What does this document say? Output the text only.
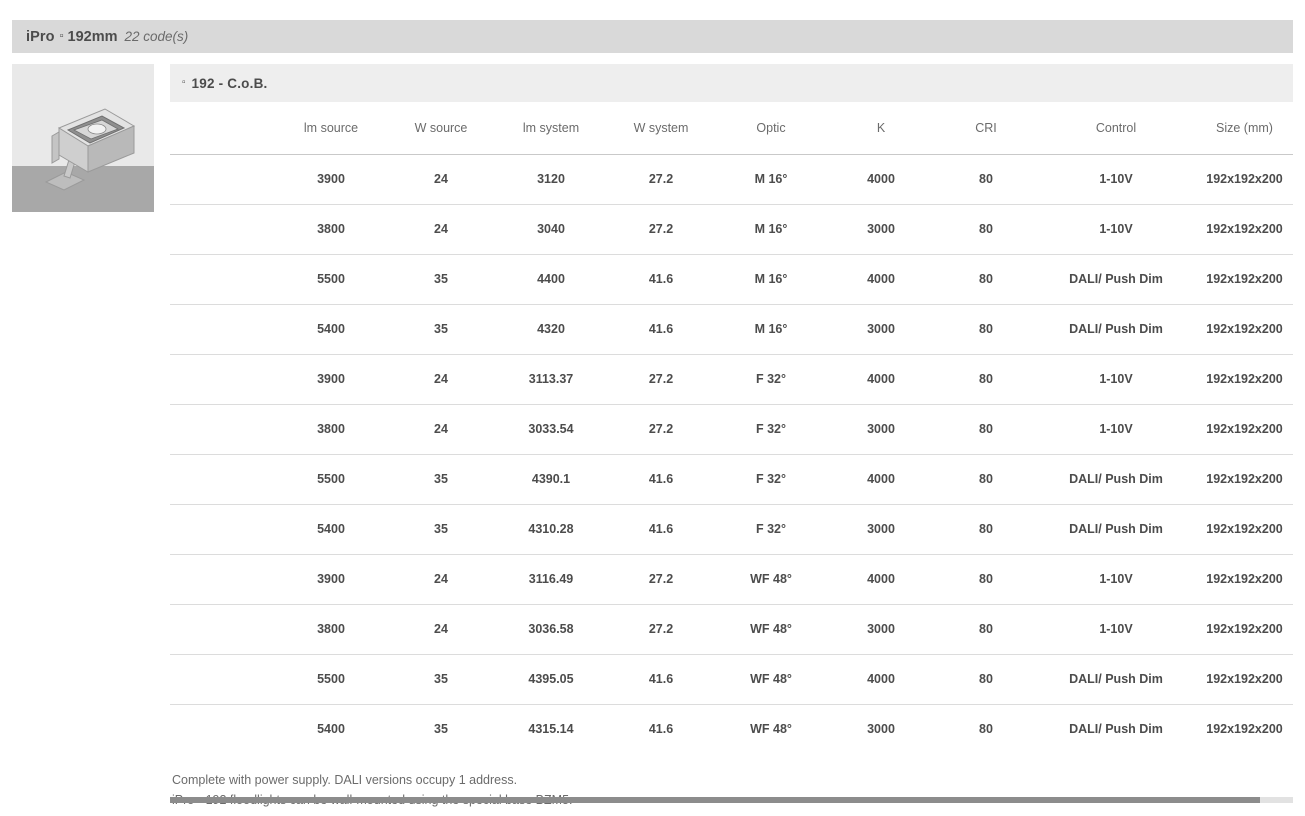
iPro ▫ 192mm 22 code(s)
▫ 192 - C.o.B.
	lm source	W source	lm system	W system	Optic	K	CRI	Control	Size (mm)
	3900	24	3120	27.2	M 16°	4000	80	1-10V	192x192x200
	3800	24	3040	27.2	M 16°	3000	80	1-10V	192x192x200
	5500	35	4400	41.6	M 16°	4000	80	DALI/ Push Dim	192x192x200
	5400	35	4320	41.6	M 16°	3000	80	DALI/ Push Dim	192x192x200
	3900	24	3113.37	27.2	F 32°	4000	80	1-10V	192x192x200
	3800	24	3033.54	27.2	F 32°	3000	80	1-10V	192x192x200
	5500	35	4390.1	41.6	F 32°	4000	80	DALI/ Push Dim	192x192x200
	5400	35	4310.28	41.6	F 32°	3000	80	DALI/ Push Dim	192x192x200
	3900	24	3116.49	27.2	WF 48°	4000	80	1-10V	192x192x200
	3800	24	3036.58	27.2	WF 48°	3000	80	1-10V	192x192x200
	5500	35	4395.05	41.6	WF 48°	4000	80	DALI/ Push Dim	192x192x200
	5400	35	4315.14	41.6	WF 48°	3000	80	DALI/ Push Dim	192x192x200
Complete with power supply. DALI versions occupy 1 address.
